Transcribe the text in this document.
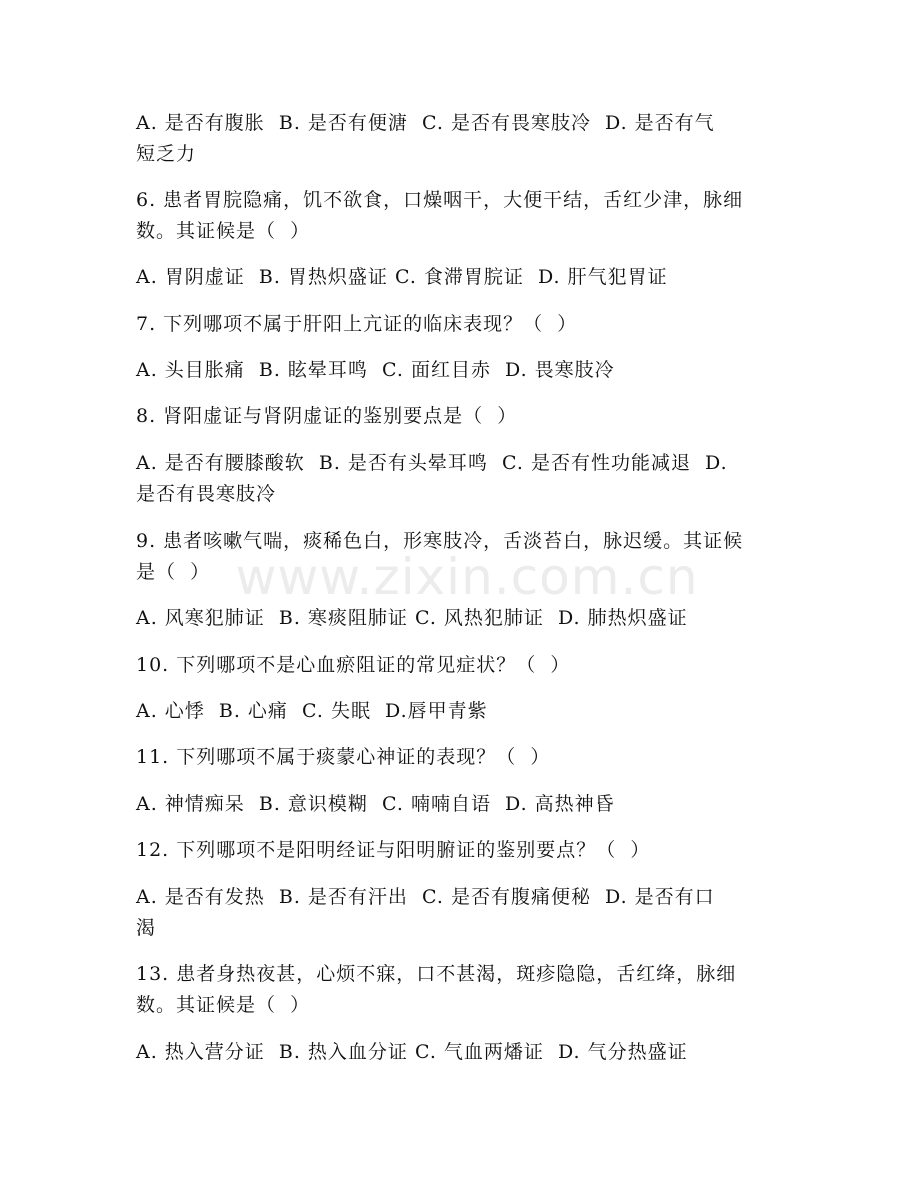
www.zixin.com.cn
A. 是否有腹胀  B. 是否有便溏  C. 是否有畏寒肢冷  D. 是否有气
短乏力
6. 患者胃脘隐痛，饥不欲食，口燥咽干，大便干结，舌红少津，脉细
数。其证候是（  ）
A. 胃阴虚证  B. 胃热炽盛证 C. 食滞胃脘证  D. 肝气犯胃证
7. 下列哪项不属于肝阳上亢证的临床表现？（  ）
A. 头目胀痛  B. 眩晕耳鸣  C. 面红目赤  D. 畏寒肢冷
8. 肾阳虚证与肾阴虚证的鉴别要点是（  ）
A. 是否有腰膝酸软  B. 是否有头晕耳鸣  C. 是否有性功能减退  D.
是否有畏寒肢冷
9. 患者咳嗽气喘，痰稀色白，形寒肢冷，舌淡苔白，脉迟缓。其证候
是（  ）
A. 风寒犯肺证  B. 寒痰阻肺证 C. 风热犯肺证  D. 肺热炽盛证
10. 下列哪项不是心血瘀阻证的常见症状？（  ）
A. 心悸  B. 心痛  C. 失眠  D.唇甲青紫
11. 下列哪项不属于痰蒙心神证的表现？（  ）
A. 神情痴呆  B. 意识模糊  C. 喃喃自语  D. 高热神昏
12. 下列哪项不是阳明经证与阳明腑证的鉴别要点？（  ）
A. 是否有发热  B. 是否有汗出  C. 是否有腹痛便秘  D. 是否有口
渴
13. 患者身热夜甚，心烦不寐，口不甚渴，斑疹隐隐，舌红绛，脉细
数。其证候是（  ）
A. 热入营分证  B. 热入血分证 C. 气血两燔证  D. 气分热盛证
